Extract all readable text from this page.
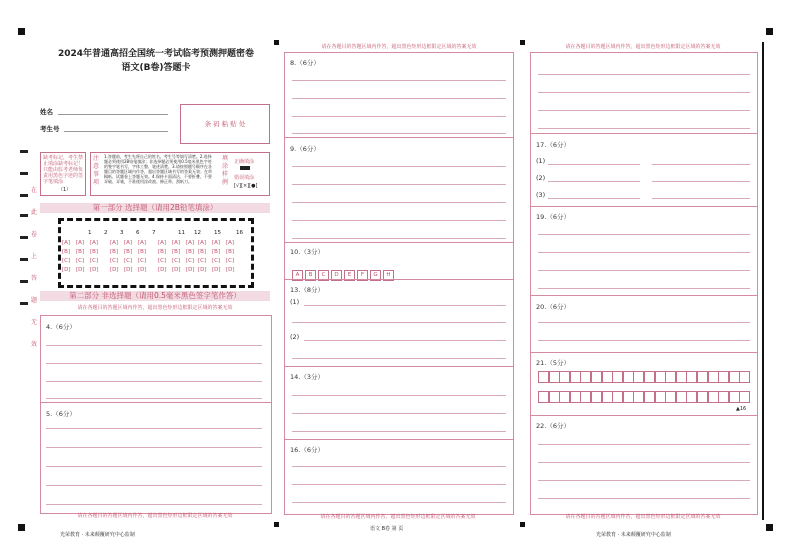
在 此 卷 上 答 题 无 效
2024年普通高招全国统一考试临考预测押题密卷
语文(B卷)答题卡
姓名
考生号
条 码 粘 贴 处
缺考标记，考生禁止填涂缺考标记！只能由监考老师负责用黑色字迹的签字笔填涂
（1）
注意事项
1.答题前，考生先将自己的姓名、考生号等填写清楚。2.选择题必须使用2B铅笔填涂；非选择题必须使用0.5毫米黑色字迹的签字笔书写，字体工整、笔迹清楚。3.请按照题号顺序在各题目的答题区域内作答，超出答题区域书写的答案无效；在草稿纸、试题卷上答题无效。4.保持卡面清洁，不要折叠，不要弄破、弄皱，不准使用涂改液、修正带、刮纸刀。
填涂样例
正确填涂
错误填涂
[√][×][●]
第一部分 选择题（请用2B铅笔填涂）
1 2 3 6 7	11 12 15	16
[A] [A] [A] [A] [A] [A] [A] [A] [A] [A] [A] [A]
[B] [B] [B] [B] [B] [B] [B] [B] [B] [B] [B] [B]
[C] [C] [C] [C] [C] [C] [C] [C] [C] [C] [C] [C]
[D] [D] [D] [D] [D] [D] [D] [D] [D] [D] [D] [D]
第二部分 非选择题（请用0.5毫米黑色签字笔作答）
请在各题目的答题区域内作答，超出黑色矩形边框限定区域的答案无效
4.（6分）
5.（6分）
请在各题目的答题区域内作答，超出黑色矩形边框限定区域的答案无效
光荣教育 · 未来颠覆研究中心监制
请在各题目的答题区域内作答，超出黑色矩形边框限定区域的答案无效
8.（6分）
9.（6分）
10.（3分）
A B C D E F G H
13.（8分）
(1)
(2)
14.（3分）
16.（6分）
请在各题目的答题区域内作答，超出黑色矩形边框限定区域的答案无效
语文 B卷 第 页
请在各题目的答题区域内作答，超出黑色矩形边框限定区域的答案无效
17.（6分）
(1)
(2)
(3)
19.（6分）
20.（6分）
21.（5分）
▲16
22.（6分）
请在各题目的答题区域内作答，超出黑色矩形边框限定区域的答案无效
光荣教育 · 未来颠覆研究中心监制
